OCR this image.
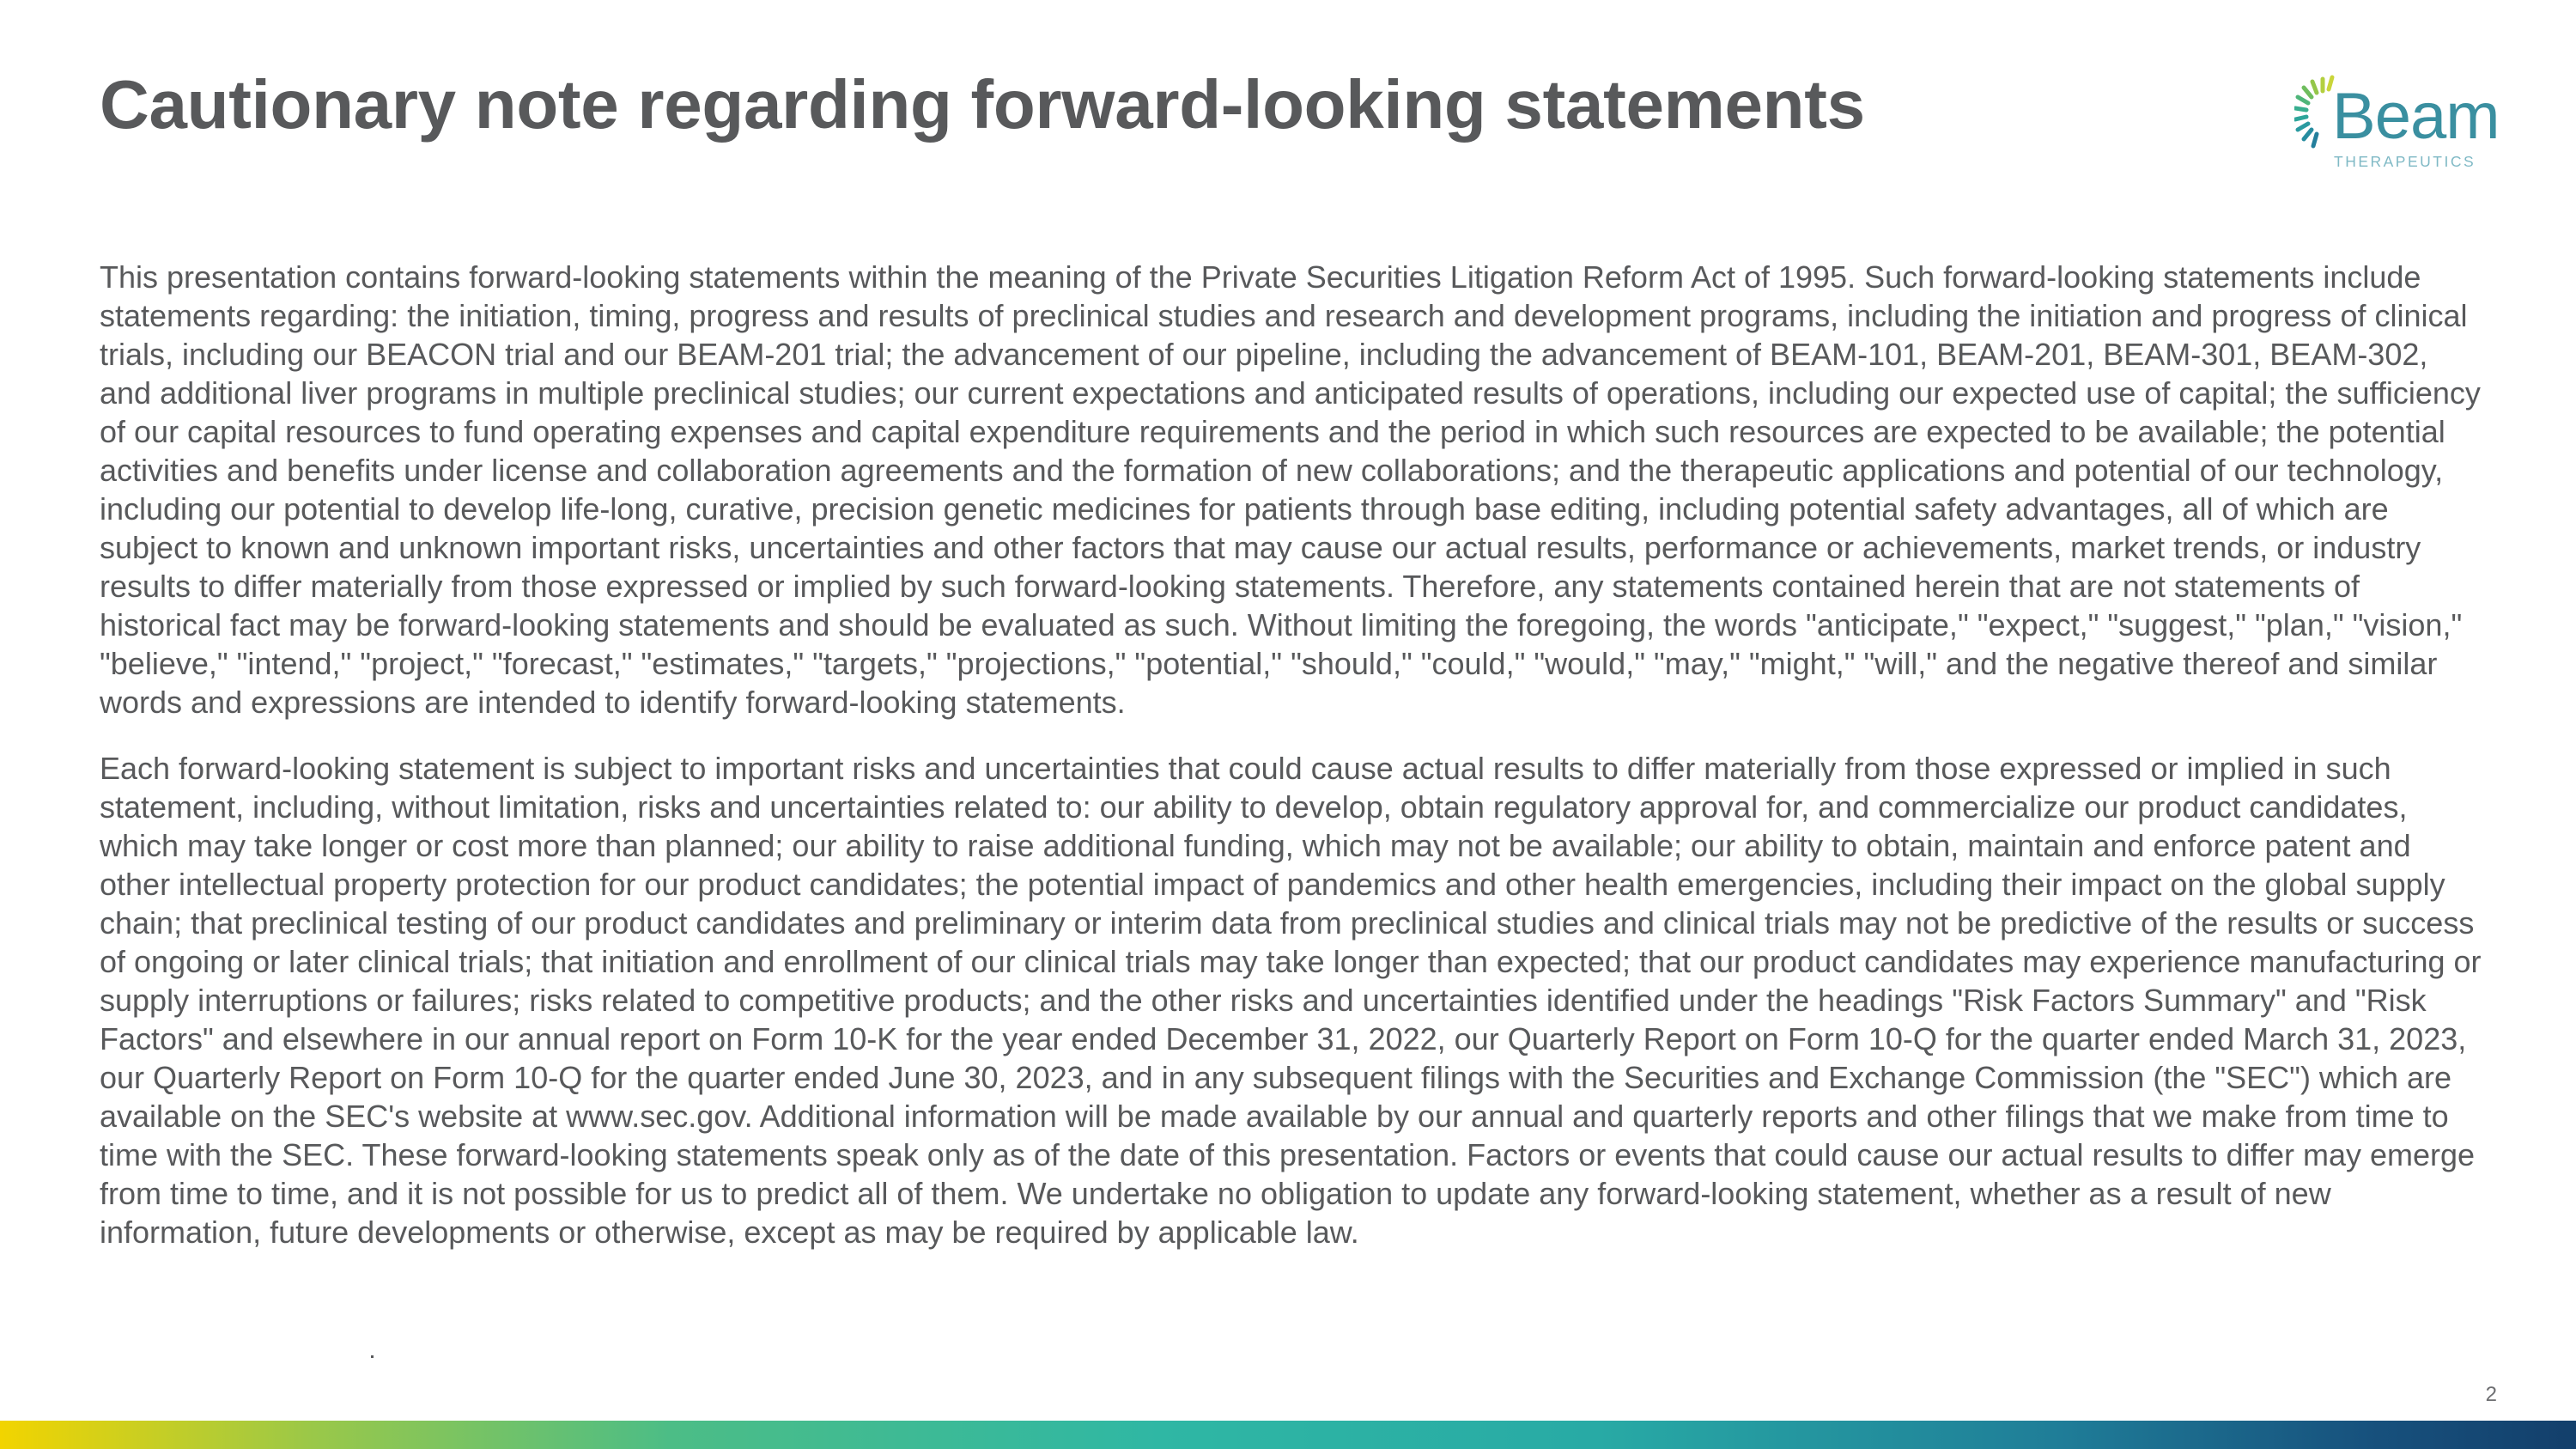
Cautionary note regarding forward-looking statements	Beam
THERAPEUTICS

This presentation contains forward-looking statements within the meaning of the Private Securities Litigation Reform Act of 1995. Such forward-looking statements include statements regarding: the initiation, timing, progress and results of preclinical studies and research and development programs, including the initiation and progress of clinical trials, including our BEACON trial and our BEAM-201 trial; the advancement of our pipeline, including the advancement of BEAM-101, BEAM-201, BEAM-301, BEAM-302, and additional liver programs in multiple preclinical studies; our current expectations and anticipated results of operations, including our expected use of capital; the sufficiency of our capital resources to fund operating expenses and capital expenditure requirements and the period in which such resources are expected to be available; the potential activities and benefits under license and collaboration agreements and the formation of new collaborations; and the therapeutic applications and potential of our technology, including our potential to develop life-long, curative, precision genetic medicines for patients through base editing, including potential safety advantages, all of which are subject to known and unknown important risks, uncertainties and other factors that may cause our actual results, performance or achievements, market trends, or industry results to differ materially from those expressed or implied by such forward-looking statements. Therefore, any statements contained herein that are not statements of historical fact may be forward-looking statements and should be evaluated as such. Without limiting the foregoing, the words "anticipate," "expect," "suggest," "plan," "vision," "believe," "intend," "project," "forecast," "estimates," "targets," "projections," "potential," "should," "could," "would," "may," "might," "will," and the negative thereof and similar words and expressions are intended to identify forward-looking statements.

Each forward-looking statement is subject to important risks and uncertainties that could cause actual results to differ materially from those expressed or implied in such statement, including, without limitation, risks and uncertainties related to: our ability to develop, obtain regulatory approval for, and commercialize our product candidates, which may take longer or cost more than planned; our ability to raise additional funding, which may not be available; our ability to obtain, maintain and enforce patent and other intellectual property protection for our product candidates; the potential impact of pandemics and other health emergencies, including their impact on the global supply chain; that preclinical testing of our product candidates and preliminary or interim data from preclinical studies and clinical trials may not be predictive of the results or success of ongoing or later clinical trials; that initiation and enrollment of our clinical trials may take longer than expected; that our product candidates may experience manufacturing or supply interruptions or failures; risks related to competitive products; and the other risks and uncertainties identified under the headings "Risk Factors Summary" and "Risk Factors" and elsewhere in our annual report on Form 10-K for the year ended December 31, 2022, our Quarterly Report on Form 10-Q for the quarter ended March 31, 2023, our Quarterly Report on Form 10-Q for the quarter ended June 30, 2023, and in any subsequent filings with the Securities and Exchange Commission (the "SEC") which are available on the SEC's website at www.sec.gov. Additional information will be made available by our annual and quarterly reports and other filings that we make from time to time with the SEC. These forward-looking statements speak only as of the date of this presentation. Factors or events that could cause our actual results to differ may emerge from time to time, and it is not possible for us to predict all of them. We undertake no obligation to update any forward-looking statement, whether as a result of new information, future developments or otherwise, except as may be required by applicable law.

2
